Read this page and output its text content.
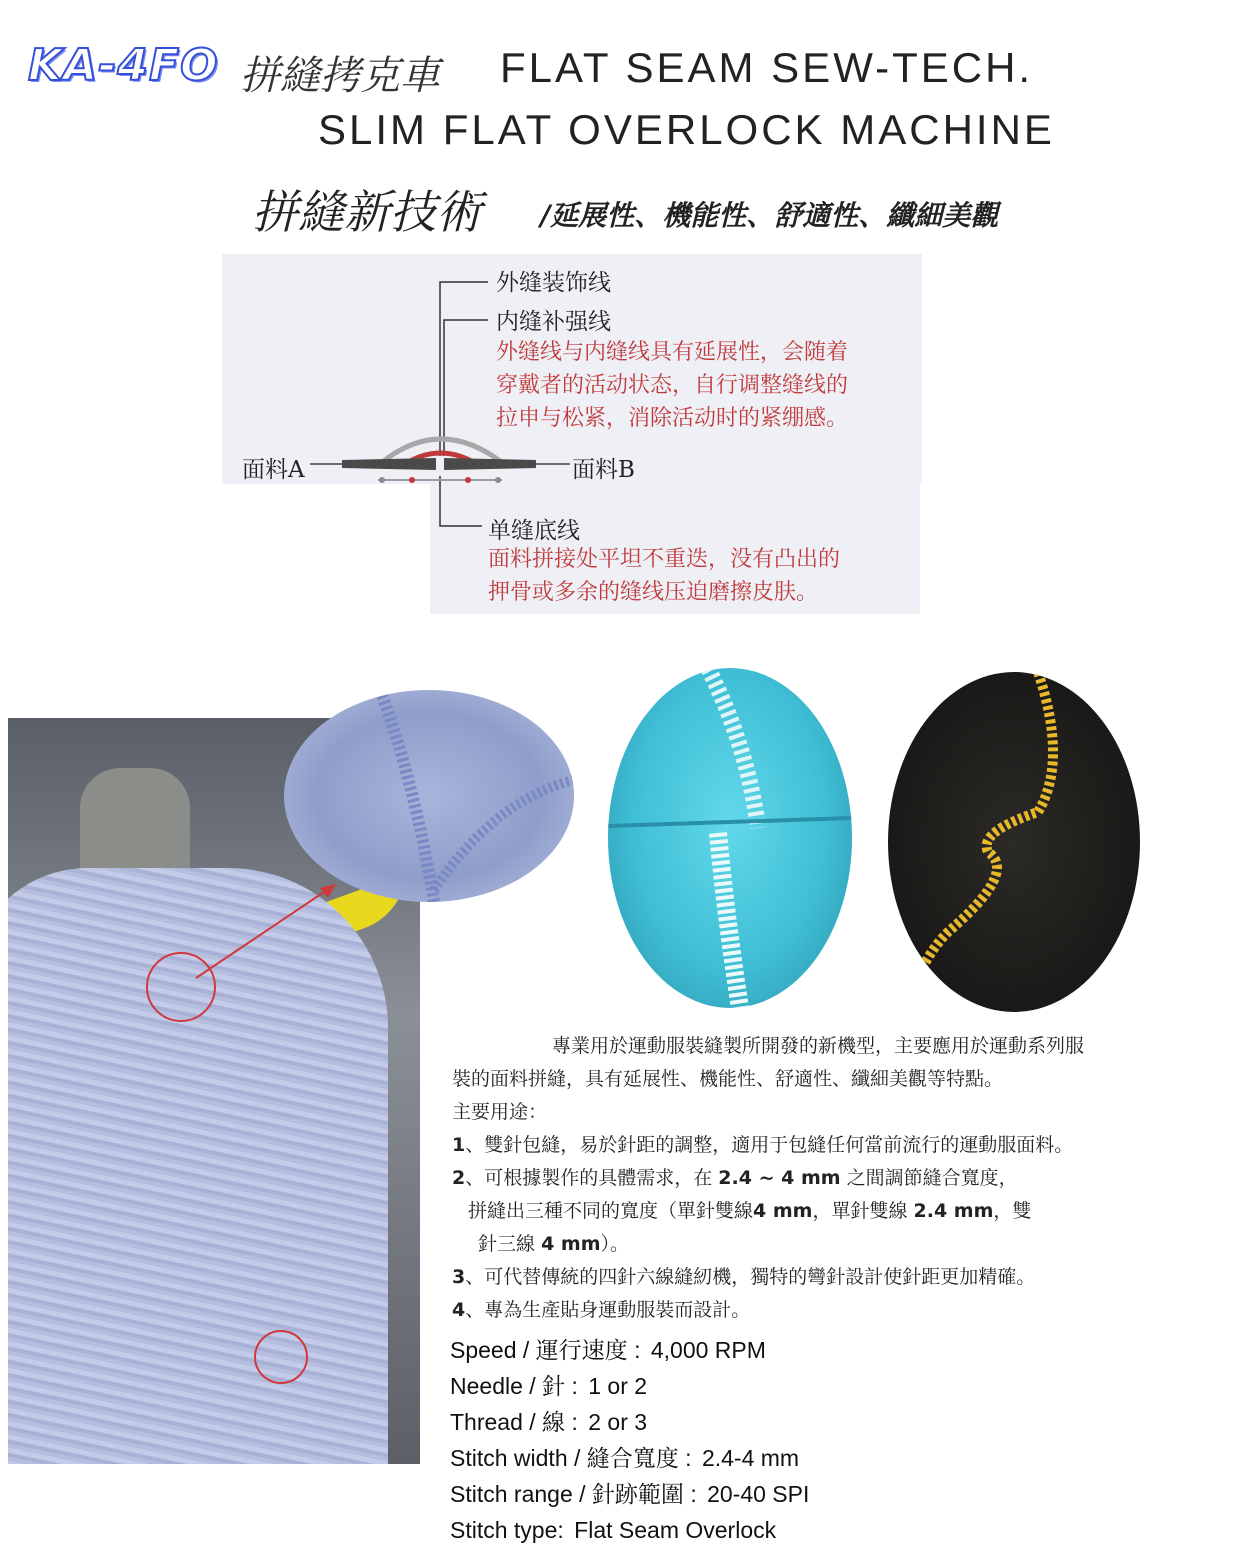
KA-4FO 拼縫拷克車 FLAT SEAM SEW-TECH.
SLIM FLAT OVERLOCK MACHINE
拼縫新技術 /延展性、機能性、舒適性、纖細美觀
外缝装饰线
内缝补强线
外缝线与内缝线具有延展性，会随着
穿戴者的活动状态，自行调整缝线的
拉申与松紧，消除活动时的紧绷感。
面料A	面料B
单缝底线
面料拼接处平坦不重迭，没有凸出的
押骨或多余的缝线压迫磨擦皮肤。
專業用於運動服裝縫製所開發的新機型，主要應用於運動系列服
裝的面料拼縫，具有延展性、機能性、舒適性、纖細美觀等特點。
主要用途：
1、雙針包縫，易於針距的調整，適用于包縫任何當前流行的運動服面料。
2、可根據製作的具體需求，在 2.4 ~ 4 mm 之間調節縫合寬度，
拼縫出三種不同的寬度（單針雙線4 mm，單針雙線 2.4 mm，雙
針三線 4 mm）。
3、可代替傳統的四針六線縫紉機，獨特的彎針設計使針距更加精確。
4、專為生產貼身運動服裝而設計。
Speed / 運行速度 : 4,000 RPM
Needle / 針 : 1 or 2
Thread / 線 : 2 or 3
Stitch width / 縫合寬度 : 2.4-4 mm
Stitch range / 針跡範圍 : 20-40 SPI
Stitch type: Flat Seam Overlock
